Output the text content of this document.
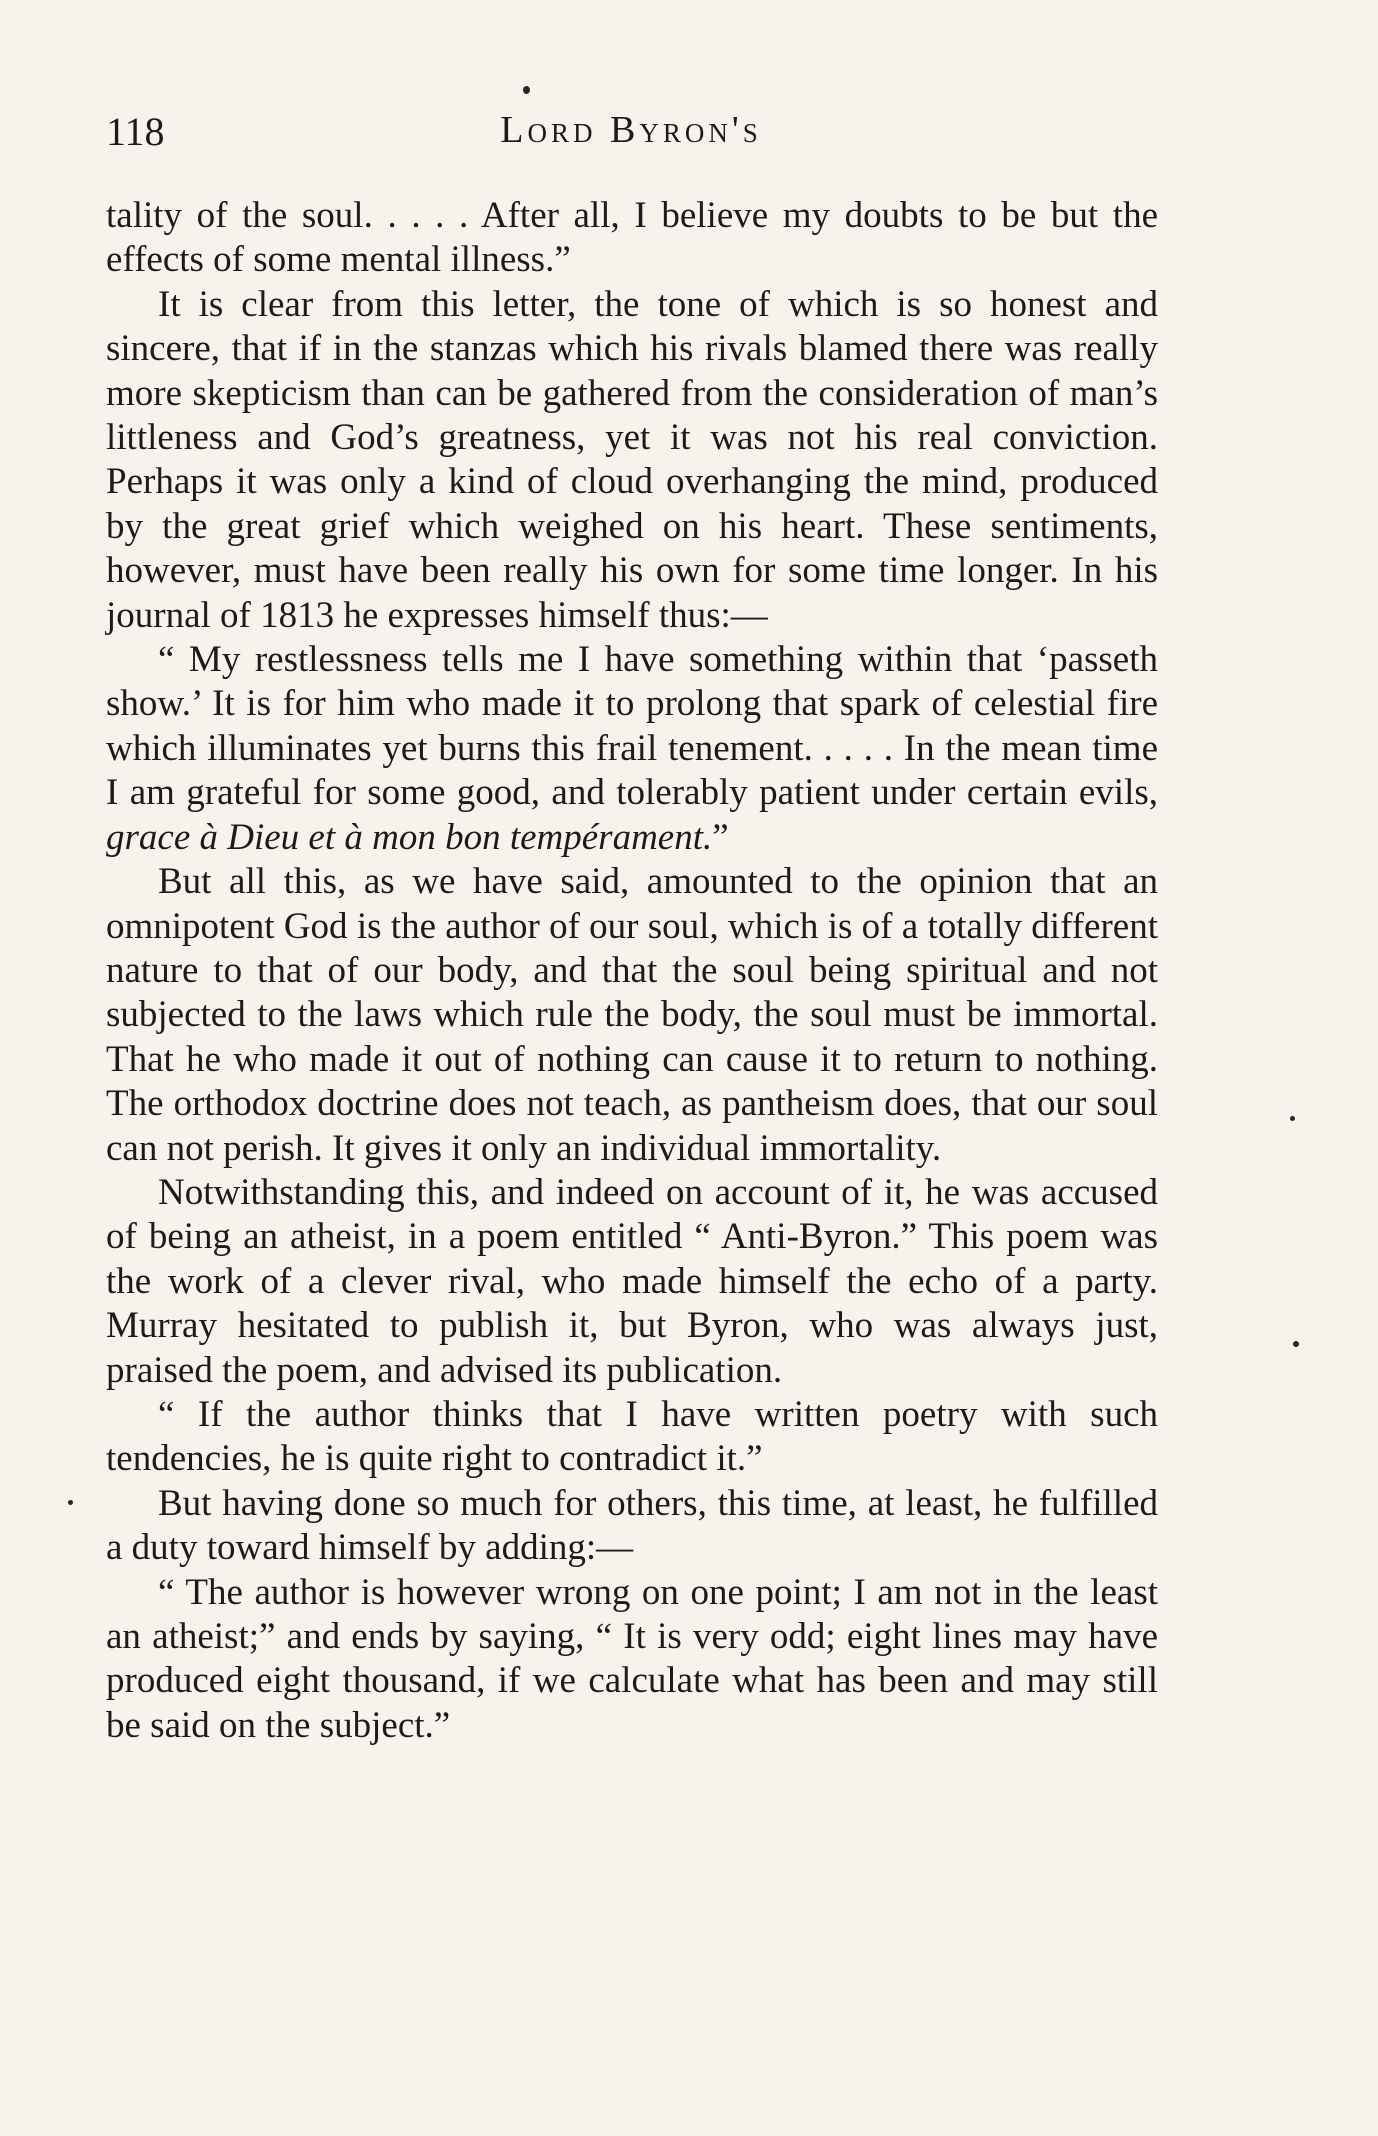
118	Lord Byron's

tality of the soul. . . . . After all, I believe my doubts to be but the effects of some mental illness.”

It is clear from this letter, the tone of which is so honest and sincere, that if in the stanzas which his rivals blamed there was really more skepticism than can be gathered from the consideration of man’s littleness and God’s greatness, yet it was not his real conviction. Perhaps it was only a kind of cloud overhanging the mind, produced by the great grief which weighed on his heart. These sentiments, however, must have been really his own for some time longer. In his journal of 1813 he expresses himself thus:—

“ My restlessness tells me I have something within that ‘passeth show.’ It is for him who made it to prolong that spark of celestial fire which illuminates yet burns this frail tenement. . . . . In the mean time I am grateful for some good, and tolerably patient under certain evils, grace à Dieu et à mon bon tempérament.”

But all this, as we have said, amounted to the opinion that an omnipotent God is the author of our soul, which is of a totally different nature to that of our body, and that the soul being spiritual and not subjected to the laws which rule the body, the soul must be immortal. That he who made it out of nothing can cause it to return to nothing. The orthodox doctrine does not teach, as pantheism does, that our soul can not perish. It gives it only an individual immortality.

Notwithstanding this, and indeed on account of it, he was accused of being an atheist, in a poem entitled “ Anti-Byron.” This poem was the work of a clever rival, who made himself the echo of a party. Murray hesitated to publish it, but Byron, who was always just, praised the poem, and advised its publication.

“ If the author thinks that I have written poetry with such tendencies, he is quite right to contradict it.”

But having done so much for others, this time, at least, he fulfilled a duty toward himself by adding:—

“ The author is however wrong on one point; I am not in the least an atheist;” and ends by saying, “ It is very odd; eight lines may have produced eight thousand, if we calculate what has been and may still be said on the subject.”
